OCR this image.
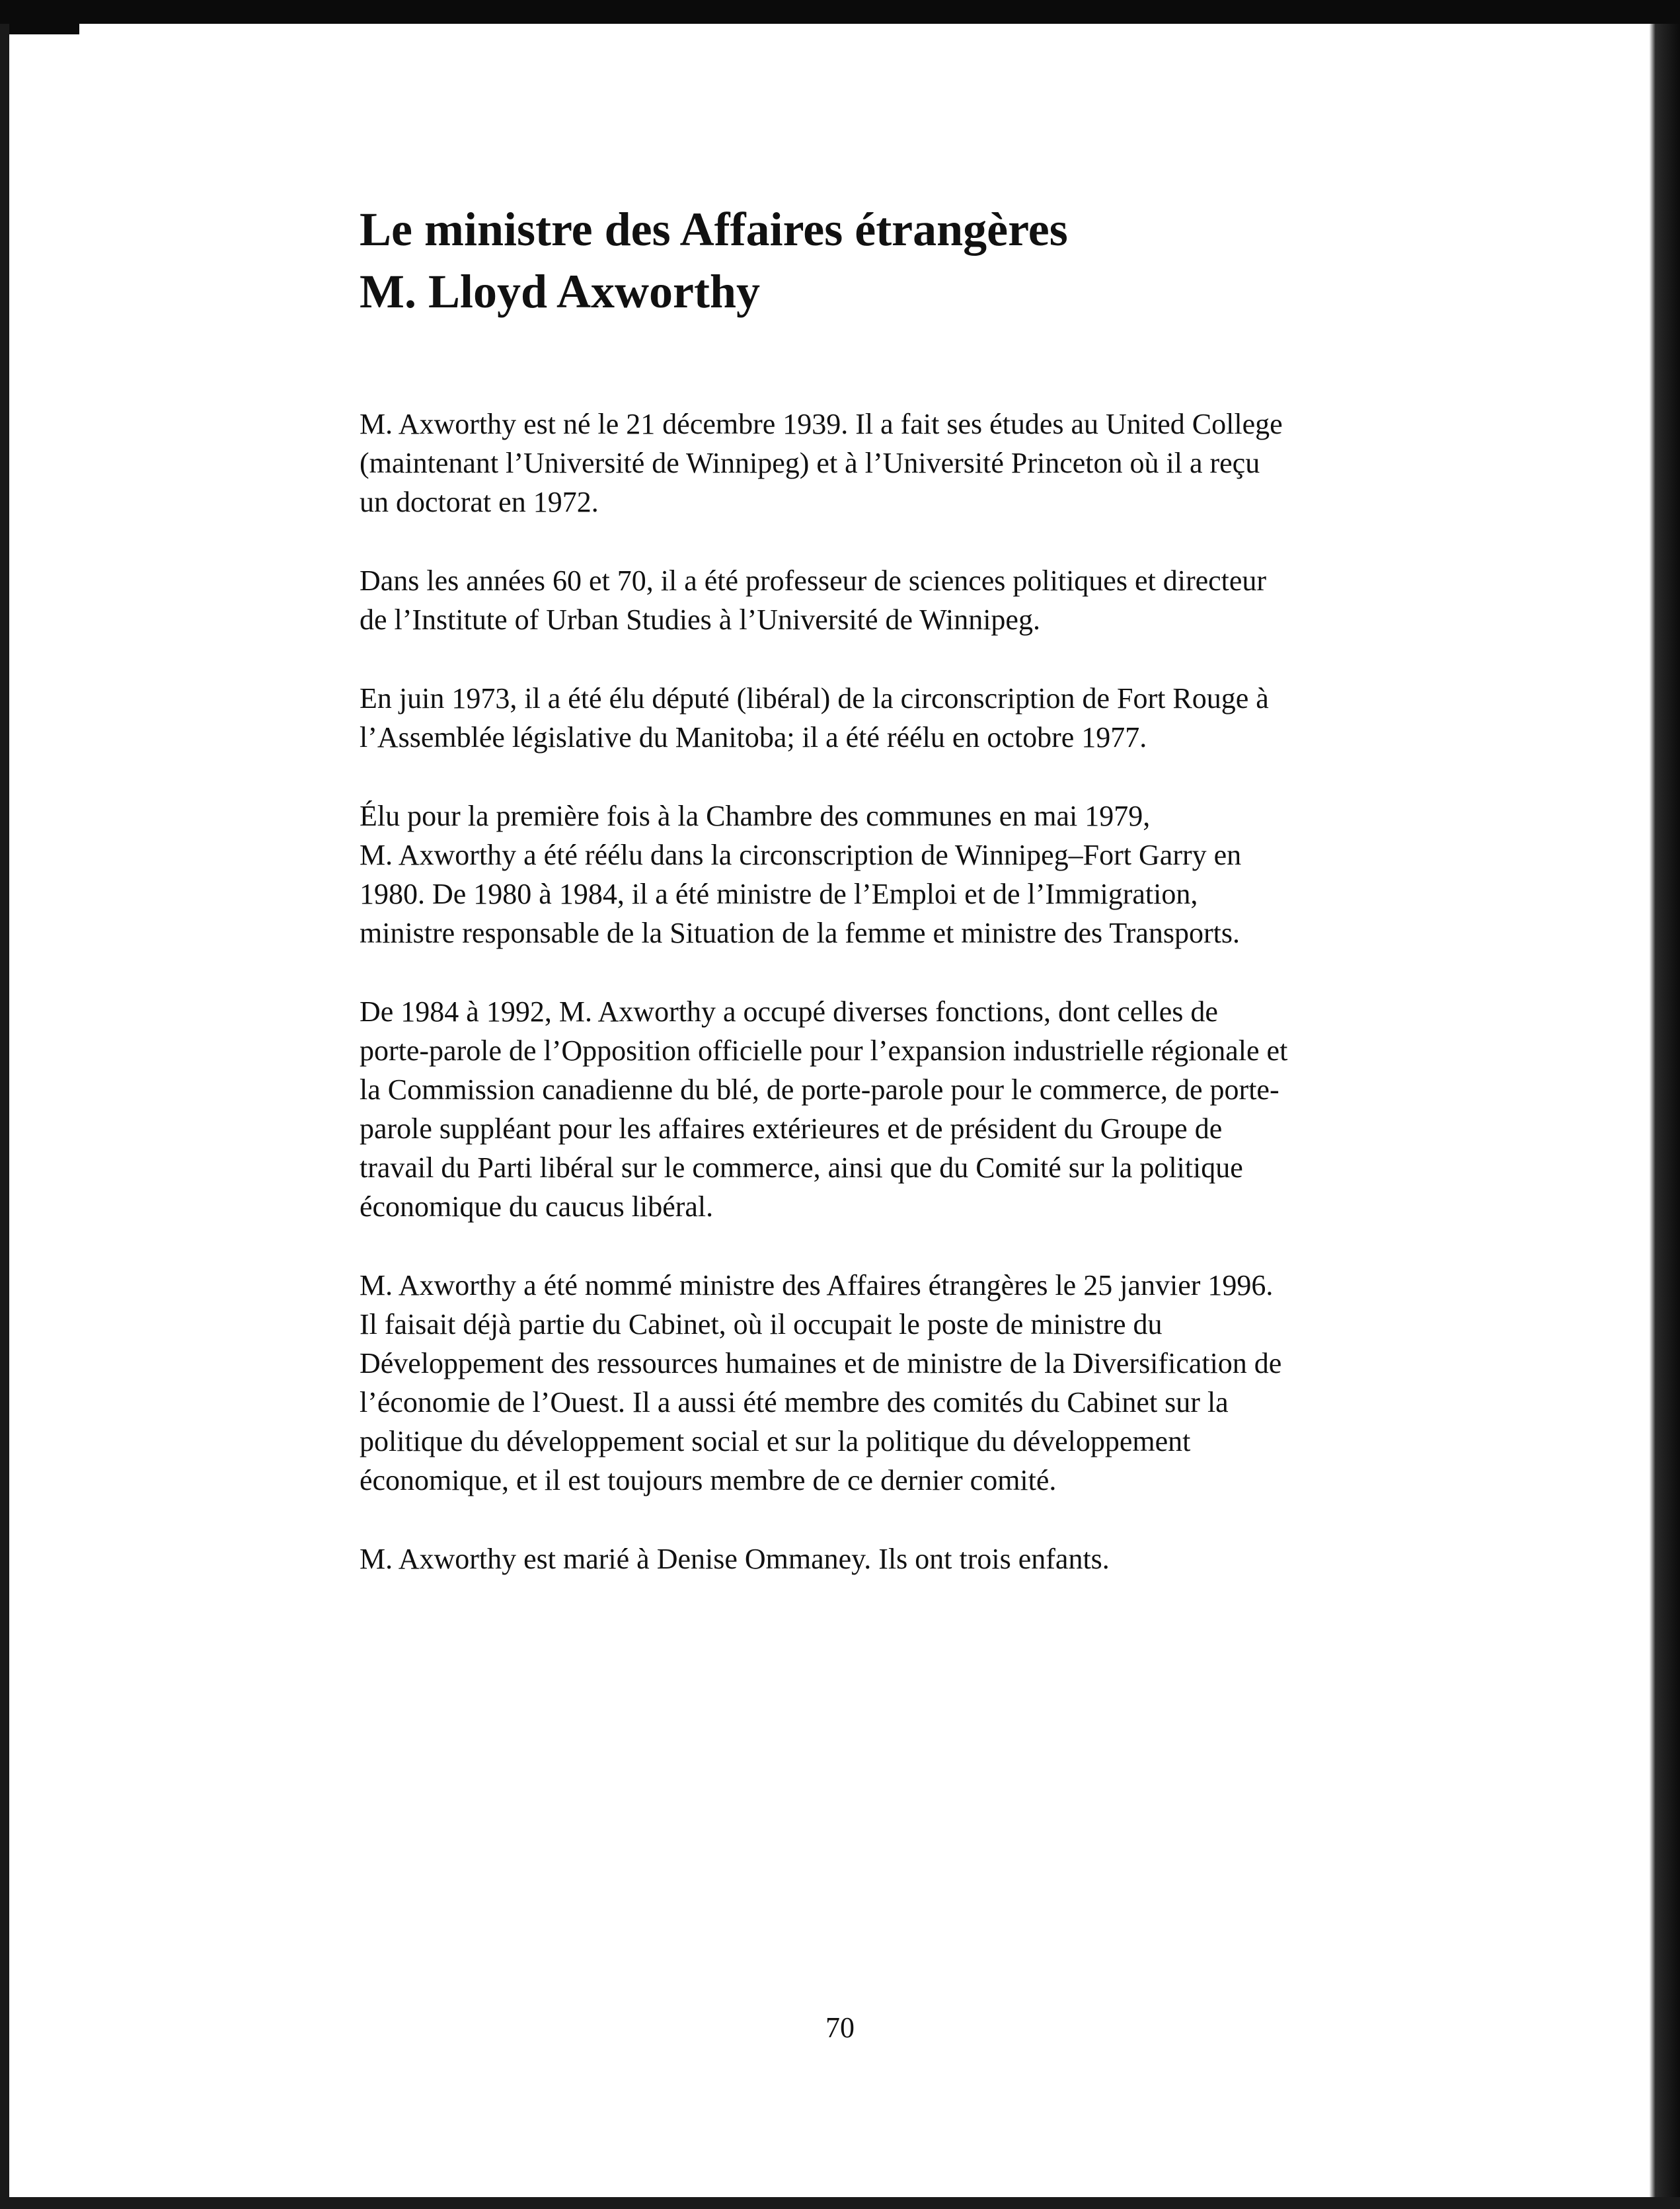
Le ministre des Affaires étrangères
M. Lloyd Axworthy

M. Axworthy est né le 21 décembre 1939. Il a fait ses études au United College
(maintenant l’Université de Winnipeg) et à l’Université Princeton où il a reçu
un doctorat en 1972.

Dans les années 60 et 70, il a été professeur de sciences politiques et directeur
de l’Institute of Urban Studies à l’Université de Winnipeg.

En juin 1973, il a été élu député (libéral) de la circonscription de Fort Rouge à
l’Assemblée législative du Manitoba; il a été réélu en octobre 1977.

Élu pour la première fois à la Chambre des communes en mai 1979,
M. Axworthy a été réélu dans la circonscription de Winnipeg–Fort Garry en
1980. De 1980 à 1984, il a été ministre de l’Emploi et de l’Immigration,
ministre responsable de la Situation de la femme et ministre des Transports.

De 1984 à 1992, M. Axworthy a occupé diverses fonctions, dont celles de
porte-parole de l’Opposition officielle pour l’expansion industrielle régionale et
la Commission canadienne du blé, de porte-parole pour le commerce, de porte-
parole suppléant pour les affaires extérieures et de président du Groupe de
travail du Parti libéral sur le commerce, ainsi que du Comité sur la politique
économique du caucus libéral.

M. Axworthy a été nommé ministre des Affaires étrangères le 25 janvier 1996.
Il faisait déjà partie du Cabinet, où il occupait le poste de ministre du
Développement des ressources humaines et de ministre de la Diversification de
l’économie de l’Ouest. Il a aussi été membre des comités du Cabinet sur la
politique du développement social et sur la politique du développement
économique, et il est toujours membre de ce dernier comité.

M. Axworthy est marié à Denise Ommaney. Ils ont trois enfants.

70
